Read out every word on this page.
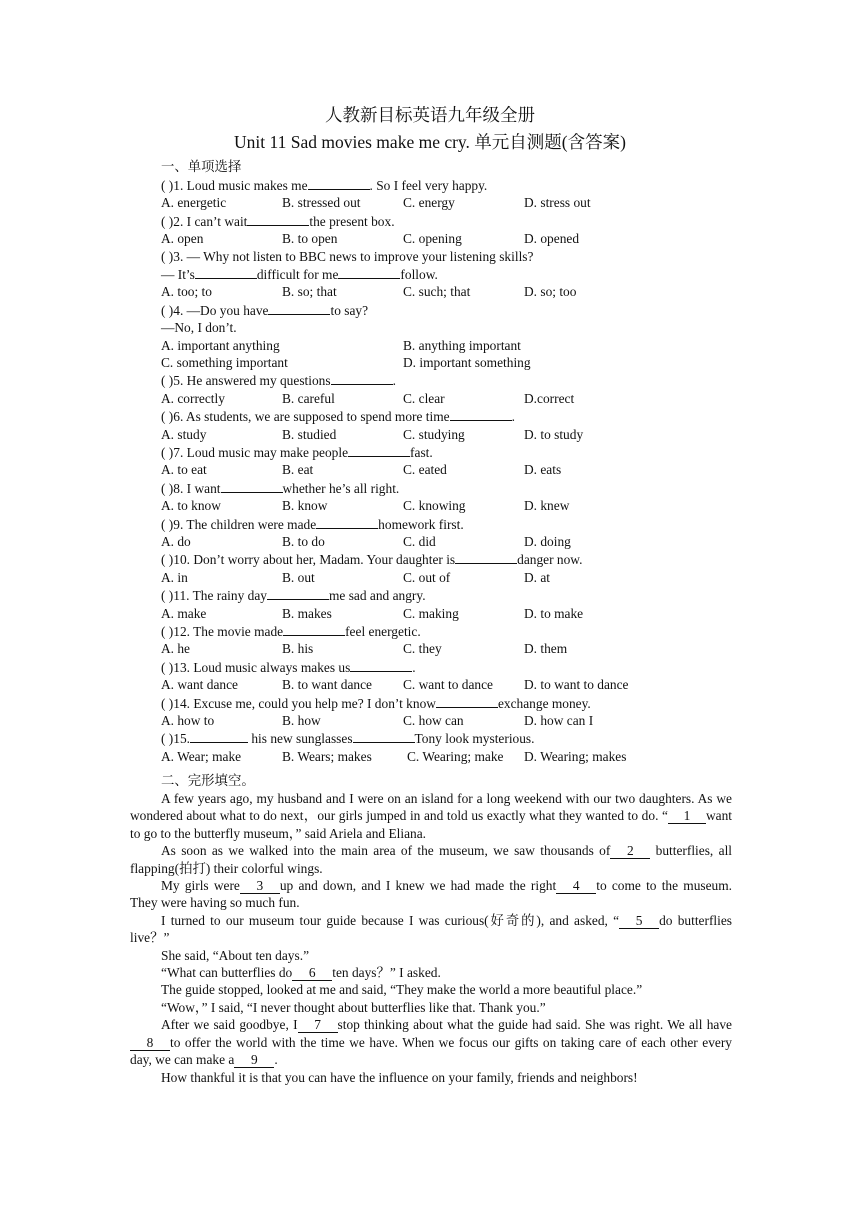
人教新目标英语九年级全册

Unit 11 Sad movies make me cry. 单元自测题(含答案)

一、单项选择
( )1. Loud music makes me	. So I feel very happy.
A. energetic	B. stressed out	C. energy	D. stress out
( )2. I can’t wait	the present box.
A. open	B. to open	C. opening	D. opened
( )3. — Why not listen to BBC news to improve your listening skills?
— It’s	difficult for me	follow.
A. too; to	B. so; that	C. such; that	D. so; too
( )4. —Do you have	to say?
—No, I don’t.
A. important anything	B. anything important
C. something important	D. important something
( )5. He answered my questions	.
A. correctly	B. careful	C. clear	D.correct
( )6. As students, we are supposed to spend more time	.
A. study	B. studied	C. studying	D. to study
( )7. Loud music may make people	fast.
A. to eat	B. eat	C. eated	D. eats
( )8. I want	whether he’s all right.
A. to know	B. know	C. knowing	D. knew
( )9. The children were made	homework first.
A. do	B. to do	C. did	D. doing
( )10. Don’t worry about her, Madam. Your daughter is	danger now.
A. in	B. out	C. out of	D. at
( )11. The rainy day	me sad and angry.
A. make	B. makes	C. making	D. to make
( )12. The movie made	feel energetic.
A. he	B. his	C. they	D. them
( )13. Loud music always makes us	.
A. want dance	B. to want dance C. want to dance D. to want to dance
( )14. Excuse me, could you help me? I don’t know	exchange money.
A. how to	B. how	C. how can	D. how can I
( )15.	his new sunglasses	Tony look mysterious.
A. Wear; make	B. Wears; makes	C. Wearing; make D. Wearing; makes
二、完形填空。

A few years ago, my husband and I were on an island for a long weekend with our two daughters. As we wondered about what to do next，our girls jumped in and told us exactly what they wanted to do. “ 1 want to go to the butterfly museum，” said Ariela and Eliana.

As soon as we walked into the main area of the museum, we saw thousands of 2 butterflies, all flapping(拍打) their colorful wings.

My girls were 3 up and down, and I knew we had made the right 4 to come to the museum. They were having so much fun.

I turned to our museum tour guide because I was curious(好奇的), and asked, “ 5 do butterflies live？”

She said, “About ten days.”

“What can butterflies do 6 ten days？” I asked.

The guide stopped, looked at me and said, “They make the world a more beautiful place.”

“Wow，” I said, “I never thought about butterflies like that. Thank you.”

After we said goodbye, I 7 stop thinking about what the guide had said. She was right. We all have8 to offer the world with the time we have. When we focus our gifts on taking care of each other every day, we can make a 9 .

How thankful it is that you can have the influence on your family, friends and neighbors!
